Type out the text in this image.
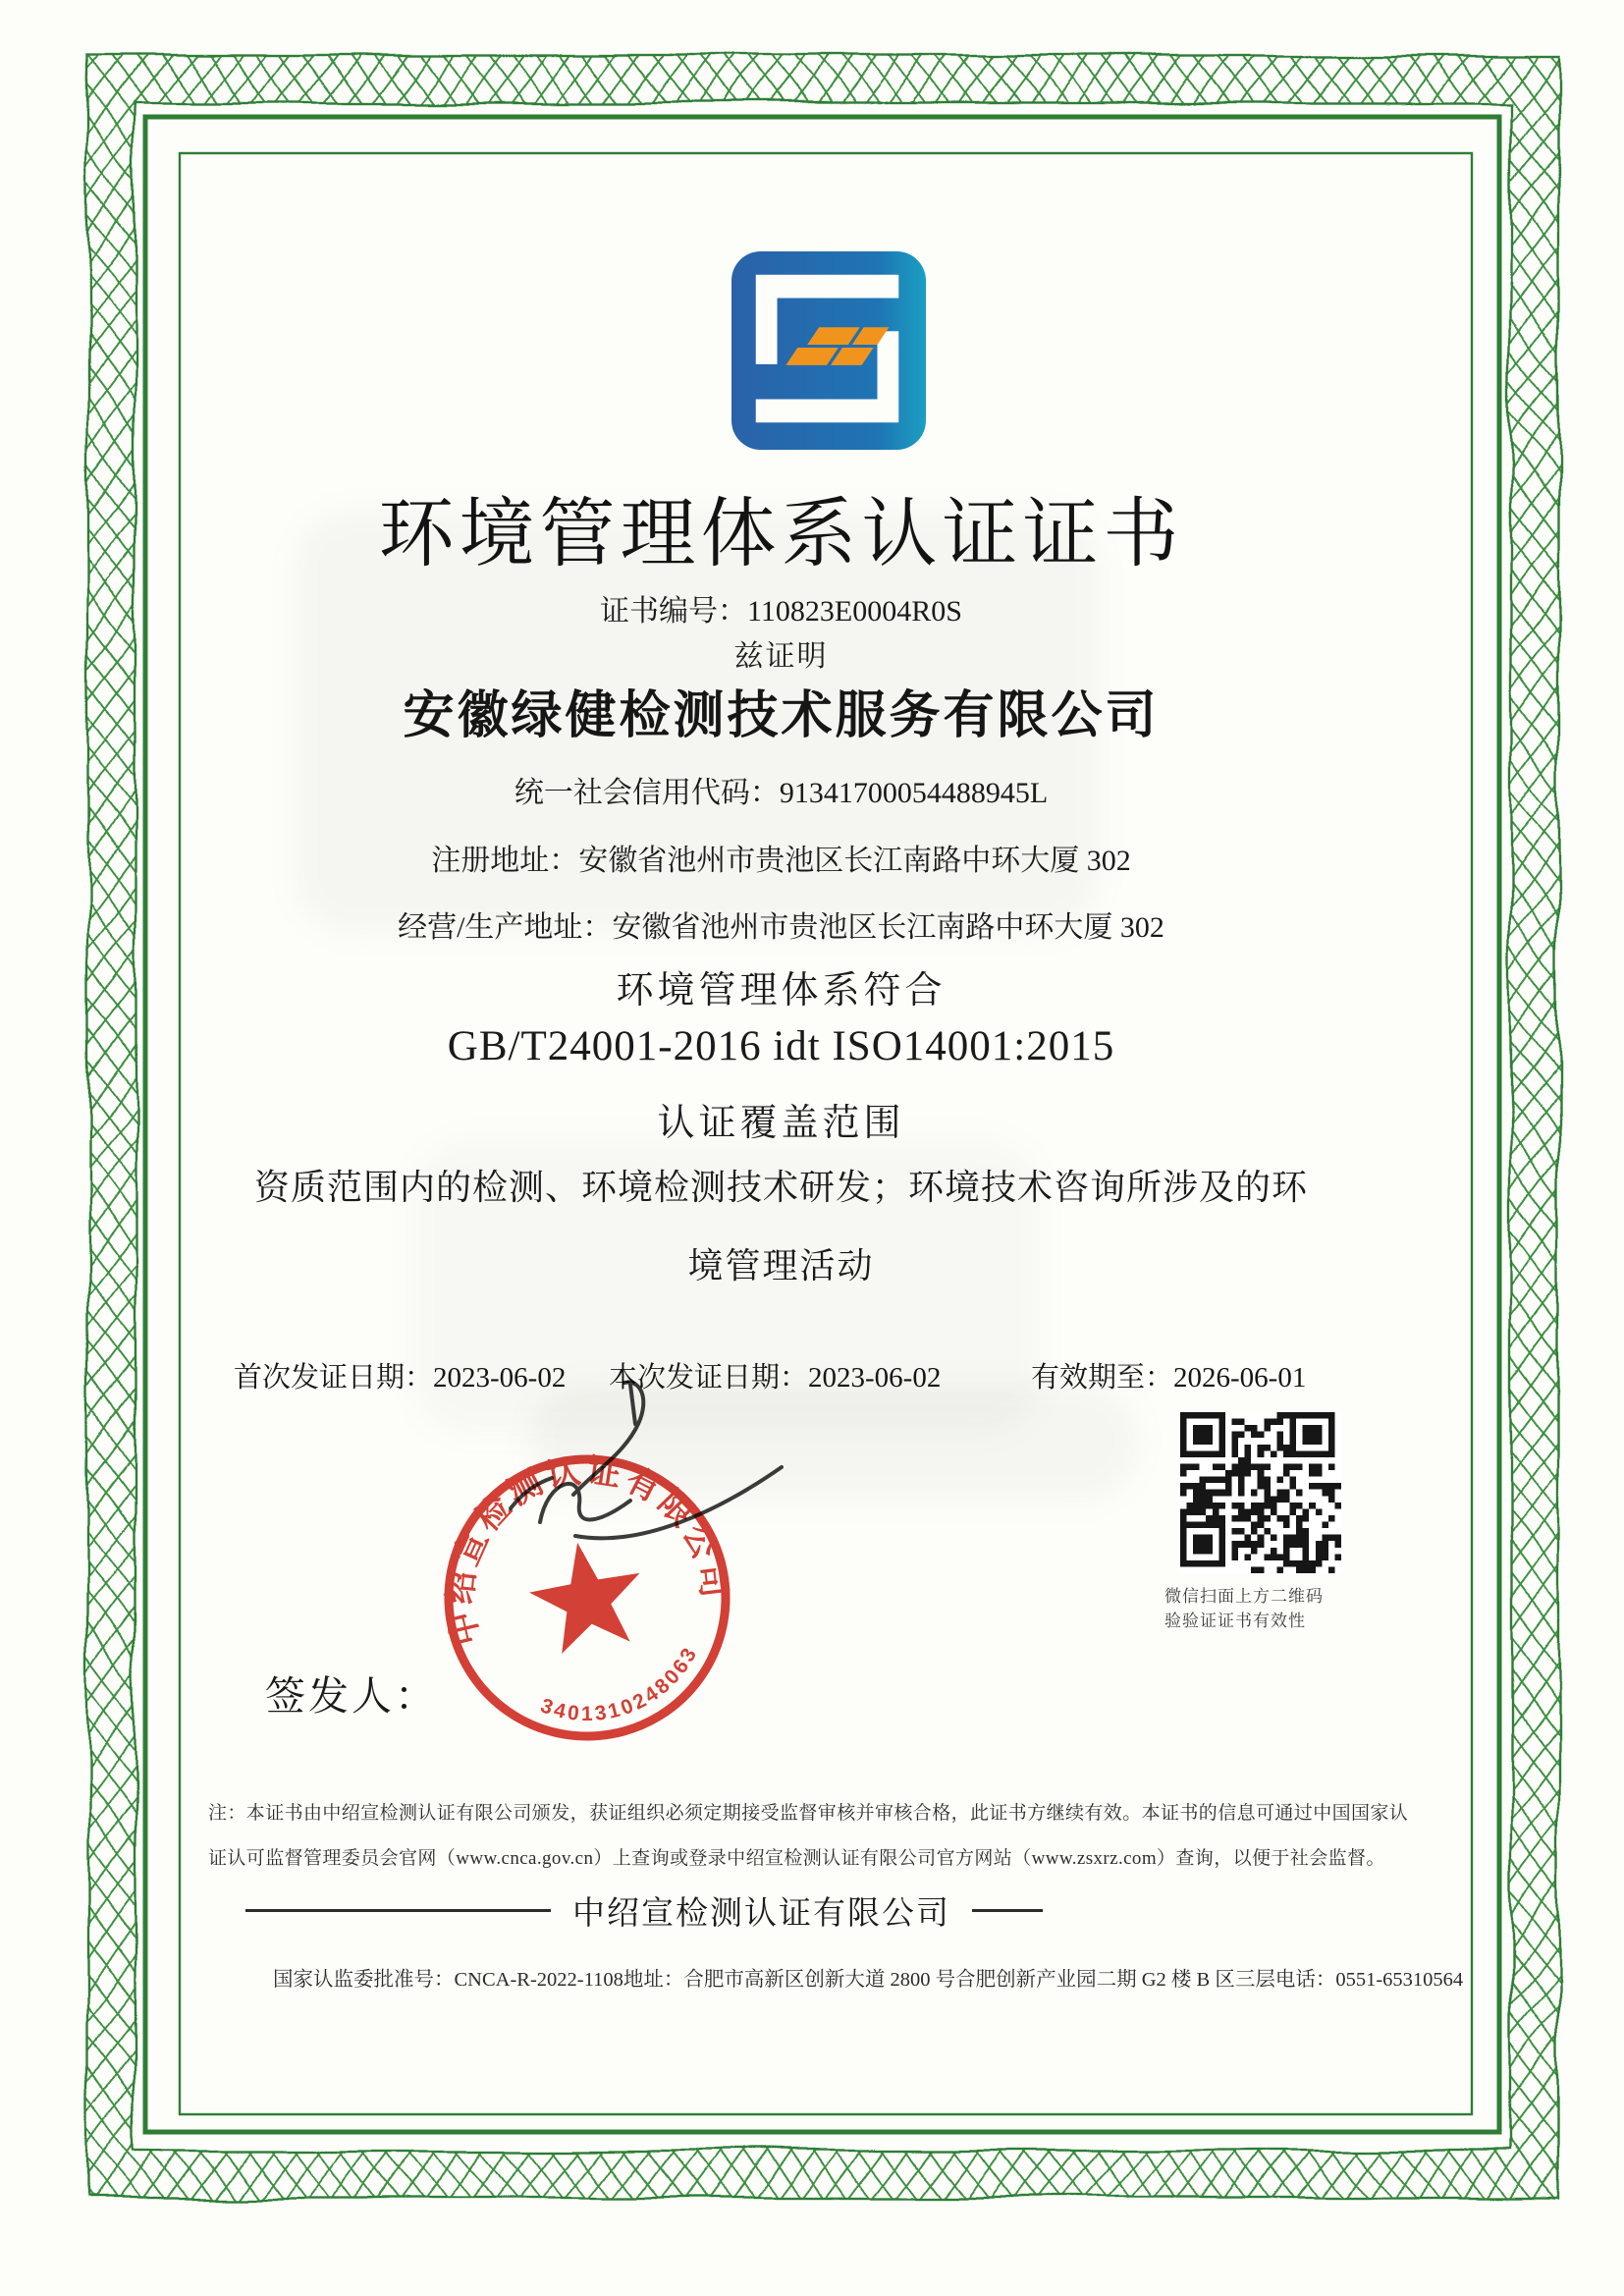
环境管理体系认证证书
证书编号：110823E0004R0S
兹证明
安徽绿健检测技术服务有限公司
统一社会信用代码：91341700054488945L
注册地址：安徽省池州市贵池区长江南路中环大厦 302
经营/生产地址：安徽省池州市贵池区长江南路中环大厦 302
环境管理体系符合
GB/T24001-2016 idt ISO14001:2015
认证覆盖范围
资质范围内的检测、环境检测技术研发；环境技术咨询所涉及的环
境管理活动
首次发证日期：2023-06-02 本次发证日期：2023-06-02	有效期至：2026-06-01
微信扫面上方二维码
验验证证书有效性
中绍宣检测认证有限公司
3401310248063
签发人：
注：本证书由中绍宣检测认证有限公司颁发，获证组织必须定期接受监督审核并审核合格，此证书方继续有效。本证书的信息可通过中国国家认
证认可监督管理委员会官网（www.cnca.gov.cn）上查询或登录中绍宣检测认证有限公司官方网站（www.zsxrz.com）查询，以便于社会监督。
中绍宣检测认证有限公司
国家认监委批准号：CNCA-R-2022-1108 地址：合肥市高新区创新大道 2800 号合肥创新产业园二期 G2 楼 B 区三层 电话：0551-65310564
